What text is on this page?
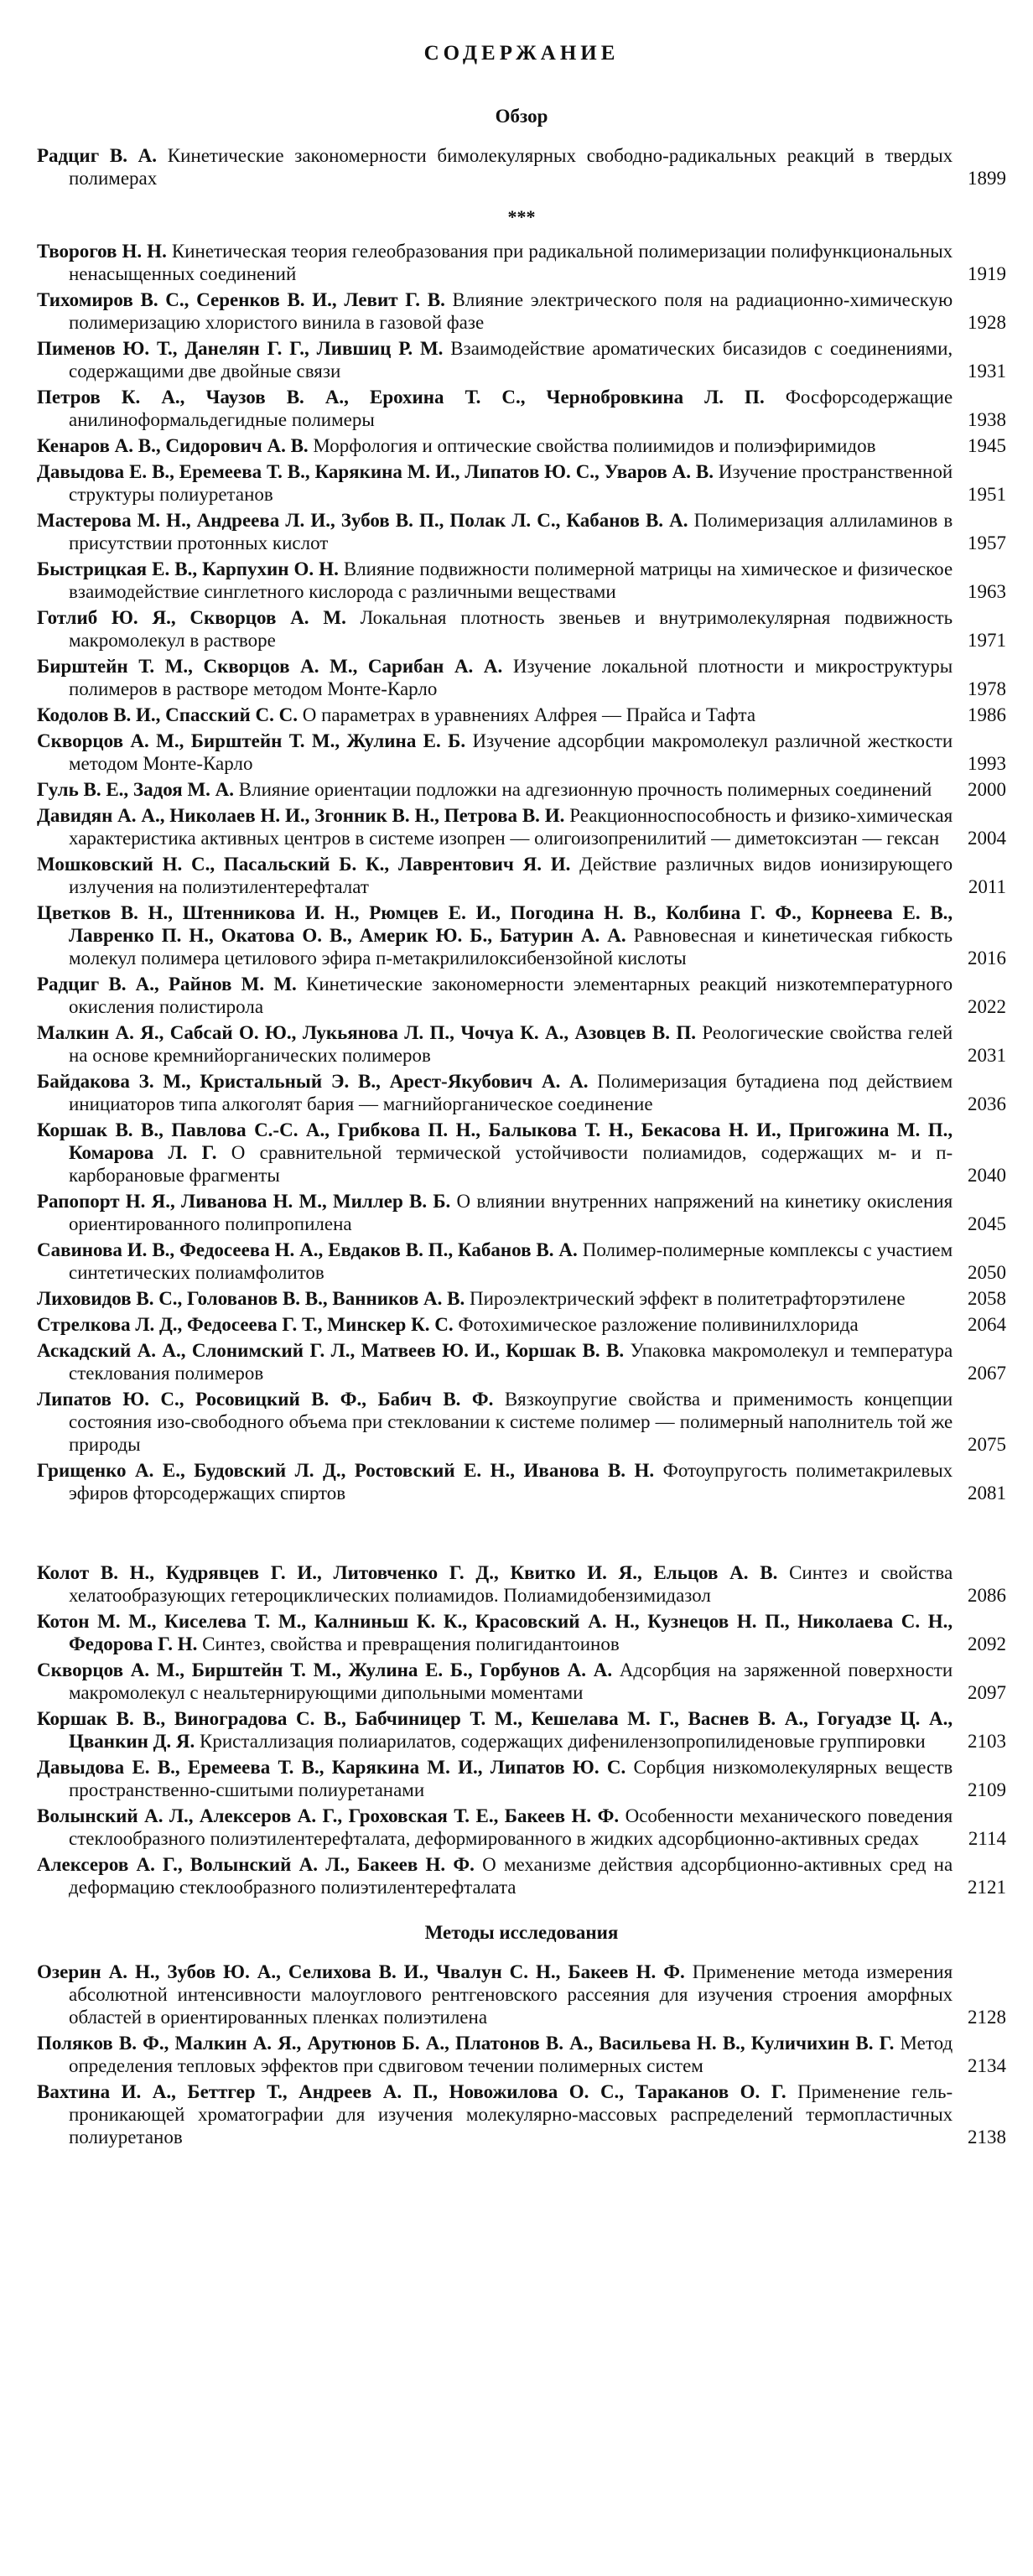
СОДЕРЖАНИЕ
Обзор
Радциг В. А. Кинетические закономерности бимолекулярных свободно-радикальных реакций в твердых полимерах	1899
***
Творогов Н. Н. Кинетическая теория гелеобразования при радикальной полимеризации полифункциональных ненасыщенных соединений	1919
Тихомиров В. С., Серенков В. И., Левит Г. В. Влияние электрического поля на радиационно-химическую полимеризацию хлористого винила в газовой фазе	1928
Пименов Ю. Т., Данелян Г. Г., Лившиц Р. М. Взаимодействие ароматических бисазидов с соединениями, содержащими две двойные связи	1931
Петров К. А., Чаузов В. А., Ерохина Т. С., Чернобровкина Л. П. Фосфорсодержащие анилиноформальдегидные полимеры	1938
Кенаров А. В., Сидорович А. В. Морфология и оптические свойства полиимидов и полиэфиримидов	1945
Давыдова Е. В., Еремеева Т. В., Карякина М. И., Липатов Ю. С., Уваров А. В. Изучение пространственной структуры полиуретанов	1951
Мастерова М. Н., Андреева Л. И., Зубов В. П., Полак Л. С., Кабанов В. А. Полимеризация аллиламинов в присутствии протонных кислот	1957
Быстрицкая Е. В., Карпухин О. Н. Влияние подвижности полимерной матрицы на химическое и физическое взаимодействие синглетного кислорода с различными веществами	1963
Готлиб Ю. Я., Скворцов А. М. Локальная плотность звеньев и внутримолекулярная подвижность макромолекул в растворе	1971
Бирштейн Т. М., Скворцов А. М., Сарибан А. А. Изучение локальной плотности и микроструктуры полимеров в растворе методом Монте-Карло	1978
Кодолов В. И., Спасский С. С. О параметрах в уравнениях Алфрея — Прайса и Тафта	1986
Скворцов А. М., Бирштейн Т. М., Жулина Е. Б. Изучение адсорбции макромолекул различной жесткости методом Монте-Карло	1993
Гуль В. Е., Задоя М. А. Влияние ориентации подложки на адгезионную прочность полимерных соединений	2000
Давидян А. А., Николаев Н. И., Згонник В. Н., Петрова В. И. Реакционноспособность и физико-химическая характеристика активных центров в системе изопрен — олигоизопренилитий — диметоксиэтан — гексан	2004
Мошковский Н. С., Пасальский Б. К., Лаврентович Я. И. Действие различных видов ионизирующего излучения на полиэтилентерефталат	2011
Цветков В. Н., Штенникова И. Н., Рюмцев Е. И., Погодина Н. В., Колбина Г. Ф., Корнеева Е. В., Лавренко П. Н., Окатова О. В., Америк Ю. Б., Батурин А. А. Равновесная и кинетическая гибкость молекул полимера цетилового эфира п-метакрилилоксибензойной кислоты	2016
Радциг В. А., Райнов М. М. Кинетические закономерности элементарных реакций низкотемпературного окисления полистирола	2022
Малкин А. Я., Сабсай О. Ю., Лукьянова Л. П., Чочуа К. А., Азовцев В. П. Реологические свойства гелей на основе кремнийорганических полимеров	2031
Байдакова З. М., Кристальный Э. В., Арест-Якубович А. А. Полимеризация бутадиена под действием инициаторов типа алкоголят бария — магнийорганическое соединение	2036
Коршак В. В., Павлова С.-С. А., Грибкова П. Н., Балыкова Т. Н., Бекасова Н. И., Пригожина М. П., Комарова Л. Г. О сравнительной термической устойчивости полиамидов, содержащих м- и п-карборановые фрагменты	2040
Рапопорт Н. Я., Ливанова Н. М., Миллер В. Б. О влиянии внутренних напряжений на кинетику окисления ориентированного полипропилена	2045
Савинова И. В., Федосеева Н. А., Евдаков В. П., Кабанов В. А. Полимер-полимерные комплексы с участием синтетических полиамфолитов	2050
Лиховидов В. С., Голованов В. В., Ванников А. В. Пироэлектрический эффект в политетрафторэтилене	2058
Стрелкова Л. Д., Федосеева Г. Т., Минскер К. С. Фотохимическое разложение поливинилхлорида	2064
Аскадский А. А., Слонимский Г. Л., Матвеев Ю. И., Коршак В. В. Упаковка макромолекул и температура стеклования полимеров	2067
Липатов Ю. С., Росовицкий В. Ф., Бабич В. Ф. Вязкоупругие свойства и применимость концепции состояния изо-свободного объема при стекловании к системе полимер — полимерный наполнитель той же природы	2075
Грищенко А. Е., Будовский Л. Д., Ростовский Е. Н., Иванова В. Н. Фотоупругость полиметакрилевых эфиров фторсодержащих спиртов	2081
Колот В. Н., Кудрявцев Г. И., Литовченко Г. Д., Квитко И. Я., Ельцов А. В. Синтез и свойства хелатообразующих гетероциклических полиамидов. Полиамидобензимидазол	2086
Котон М. М., Киселева Т. М., Калниньш К. К., Красовский А. Н., Кузнецов Н. П., Николаева С. Н., Федорова Г. Н. Синтез, свойства и превращения полигидантоинов	2092
Скворцов А. М., Бирштейн Т. М., Жулина Е. Б., Горбунов А. А. Адсорбция на заряженной поверхности макромолекул с неальтернирующими дипольными моментами	2097
Коршак В. В., Виноградова С. В., Бабчиницер Т. М., Кешелава М. Г., Васнев В. А., Гогуадзе Ц. А., Цванкин Д. Я. Кристаллизация полиарилатов, содержащих дифенилензопропилиденовые группировки	2103
Давыдова Е. В., Еремеева Т. В., Карякина М. И., Липатов Ю. С. Сорбция низкомолекулярных веществ пространственно-сшитыми полиуретанами	2109
Волынский А. Л., Алексеров А. Г., Гроховская Т. Е., Бакеев Н. Ф. Особенности механического поведения стеклообразного полиэтилентерефталата, деформированного в жидких адсорбционно-активных средах	2114
Алексеров А. Г., Волынский А. Л., Бакеев Н. Ф. О механизме действия адсорбционно-активных сред на деформацию стеклообразного полиэтилентерефталата	2121
Методы исследования
Озерин А. Н., Зубов Ю. А., Селихова В. И., Чвалун С. Н., Бакеев Н. Ф. Применение метода измерения абсолютной интенсивности малоуглового рентгеновского рассеяния для изучения строения аморфных областей в ориентированных пленках полиэтилена	2128
Поляков В. Ф., Малкин А. Я., Арутюнов Б. А., Платонов В. А., Васильева Н. В., Куличихин В. Г. Метод определения тепловых эффектов при сдвиговом течении полимерных систем	2134
Вахтина И. А., Беттгер Т., Андреев А. П., Новожилова О. С., Тараканов О. Г. Применение гель-проникающей хроматографии для изучения молекулярно-массовых распределений термопластичных полиуретанов	2138
